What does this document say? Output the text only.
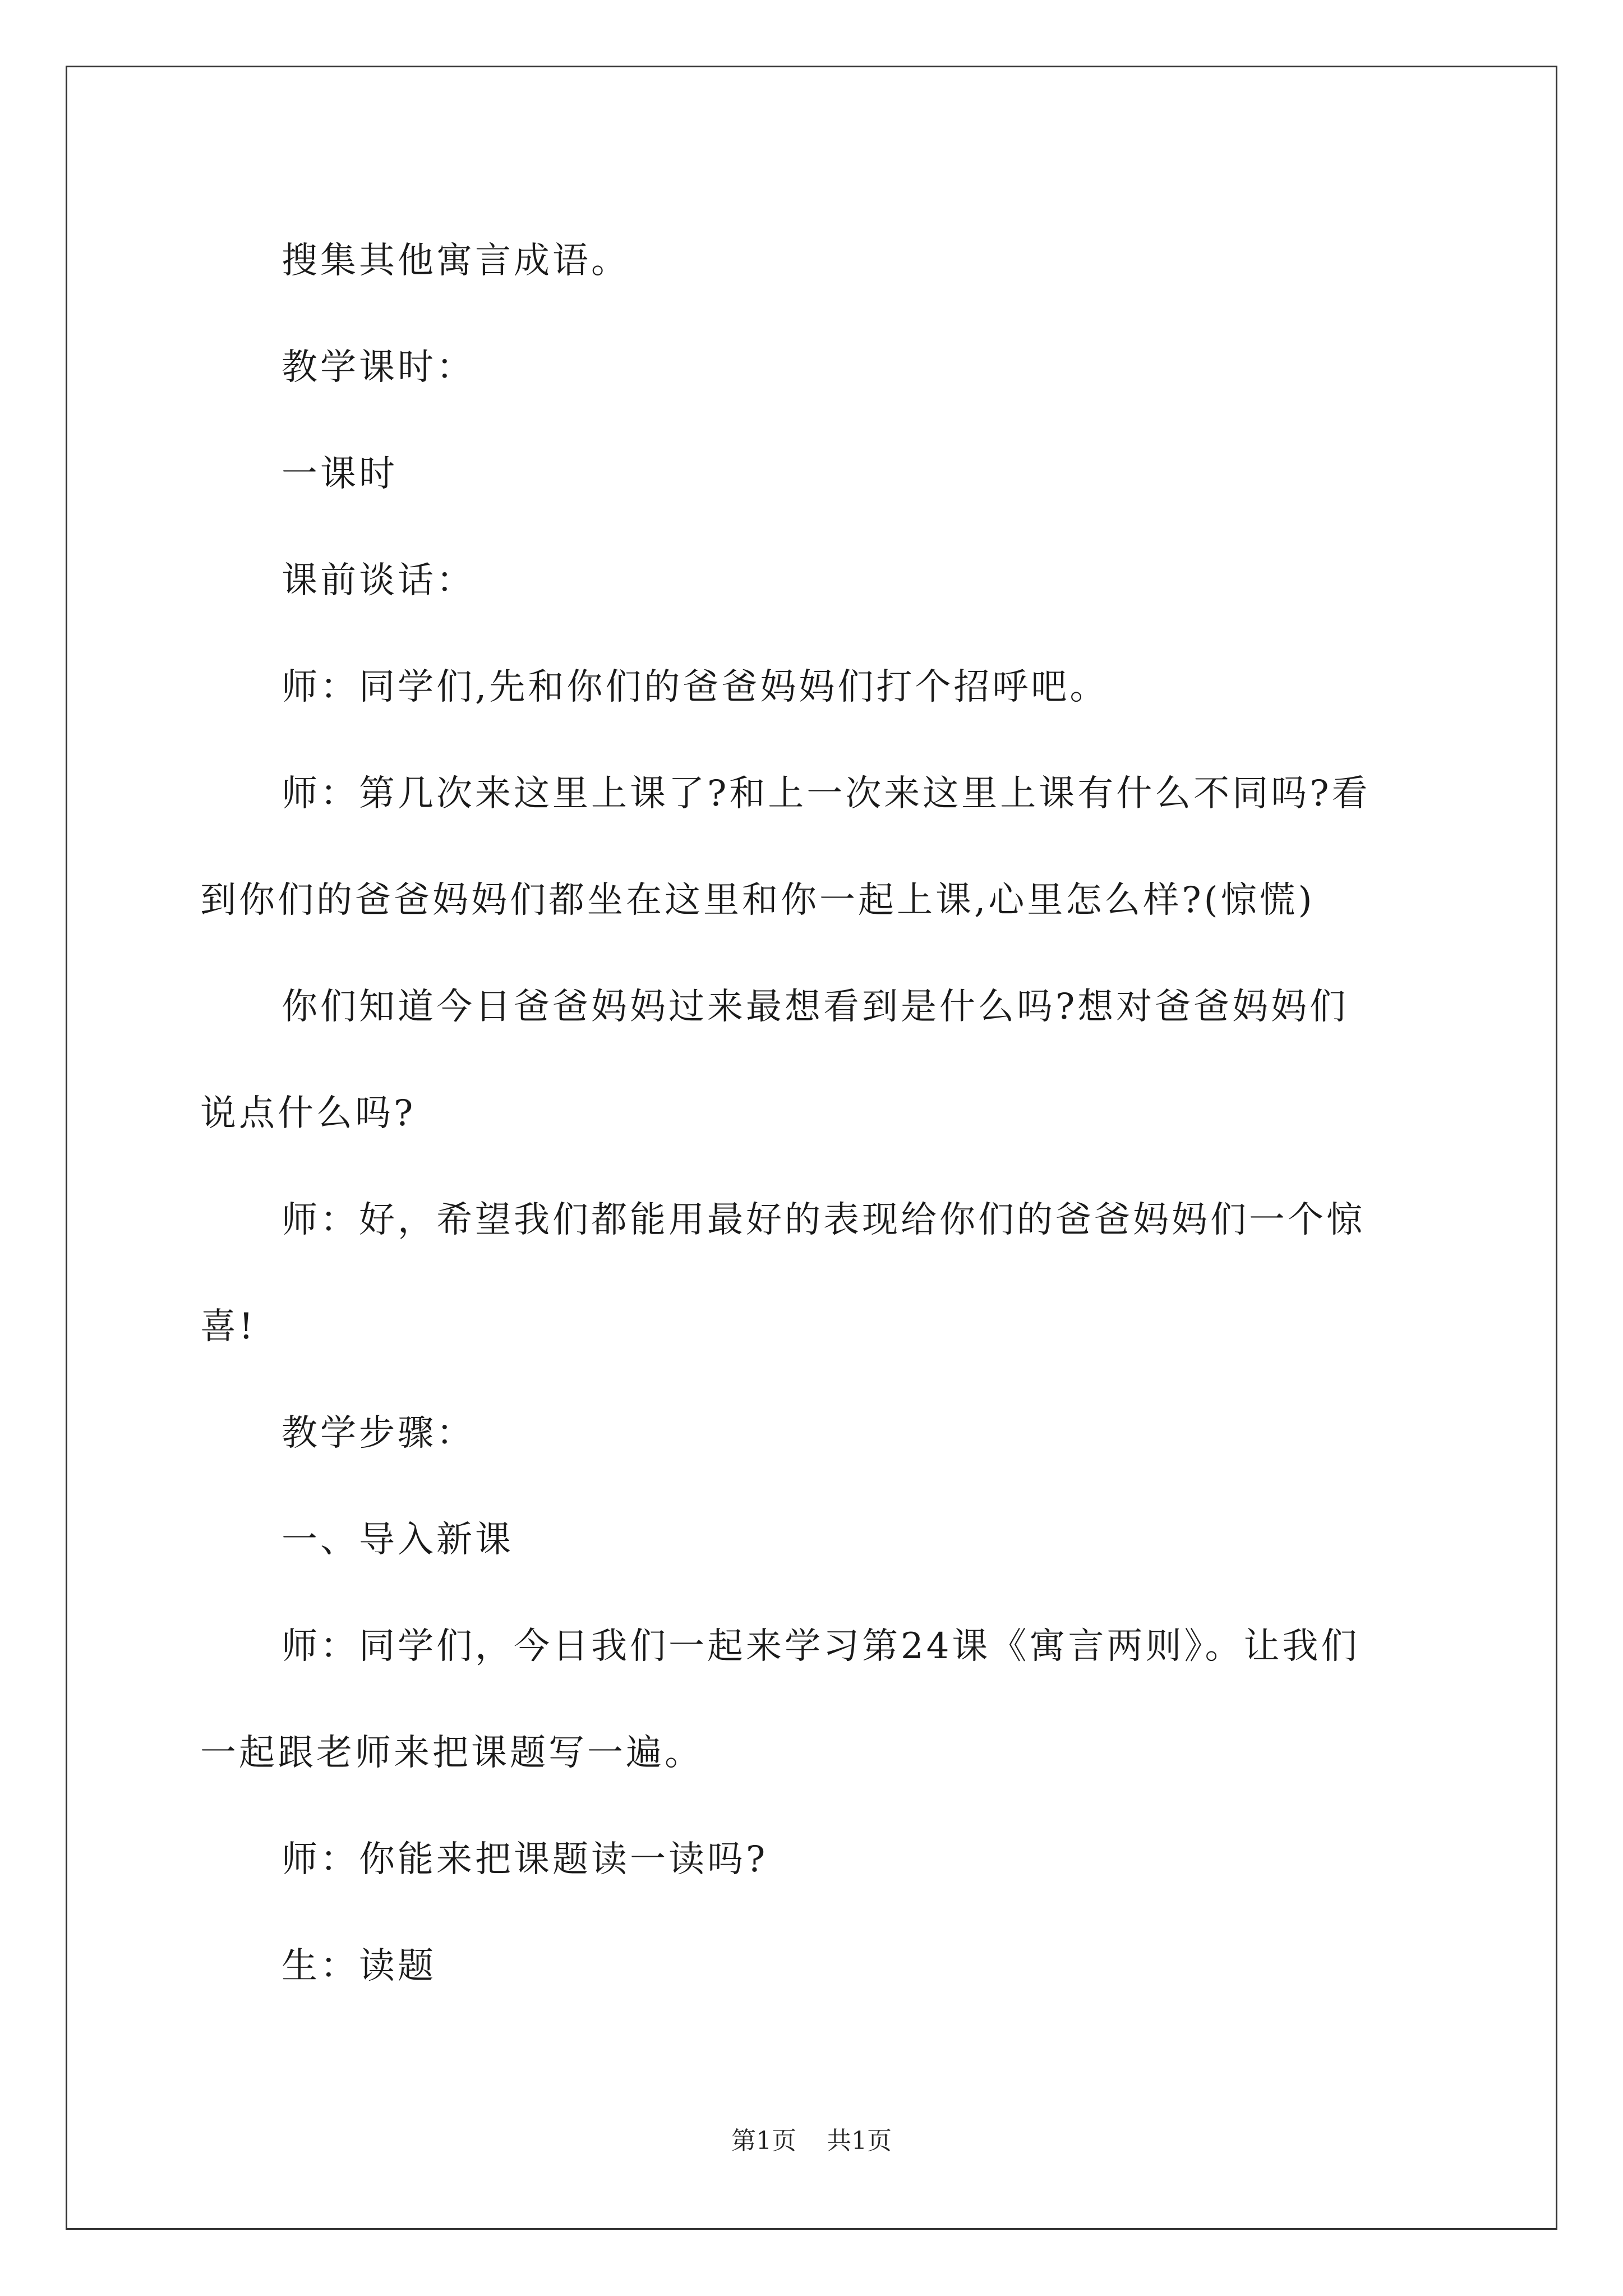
搜集其他寓言成语。

教学课时：

一课时

课前谈话：

师：同学们,先和你们的爸爸妈妈们打个招呼吧。

师：第几次来这里上课了?和上一次来这里上课有什么不同吗?看
到你们的爸爸妈妈们都坐在这里和你一起上课,心里怎么样?(惊慌)

你们知道今日爸爸妈妈过来最想看到是什么吗?想对爸爸妈妈们
说点什么吗?

师：好，希望我们都能用最好的表现给你们的爸爸妈妈们一个惊
喜!

教学步骤：

一、导入新课

师：同学们，今日我们一起来学习第24课《寓言两则》。让我们
一起跟老师来把课题写一遍。

师：你能来把课题读一读吗?

生：读题

第1页 共1页
